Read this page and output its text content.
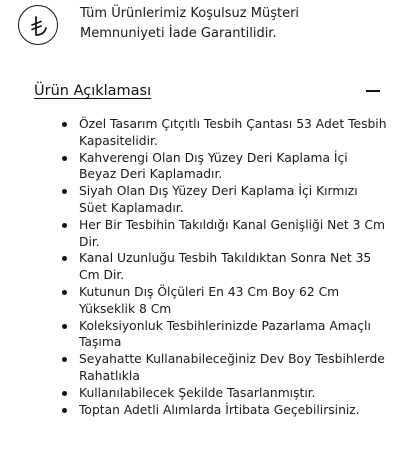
Tüm Ürünlerimiz Koşulsuz Müşteri
Memnuniyeti İade Garantilidir.
Ürün Açıklaması
Özel Tasarım Çıtçıtlı Tesbih Çantası 53 Adet Tesbih Kapasitelidir.
Kahverengi Olan Dış Yüzey Deri Kaplama İçi Beyaz Deri Kaplamadır.
Siyah Olan Dış Yüzey Deri Kaplama İçi Kırmızı Süet Kaplamadır.
Her Bir Tesbihin Takıldığı Kanal Genişliği Net 3 Cm Dir.
Kanal Uzunluğu Tesbih Takıldıktan Sonra Net 35 Cm Dir.
Kutunun Dış Ölçüleri En 43 Cm Boy 62 Cm Yükseklik 8 Cm
Koleksiyonluk Tesbihlerinizde Pazarlama Amaçlı Taşıma
Seyahatte Kullanabileceğiniz Dev Boy Tesbihlerde Rahatlıkla
Kullanılabilecek Şekilde Tasarlanmıştır.
Toptan Adetli Alımlarda İrtibata Geçebilirsiniz.
